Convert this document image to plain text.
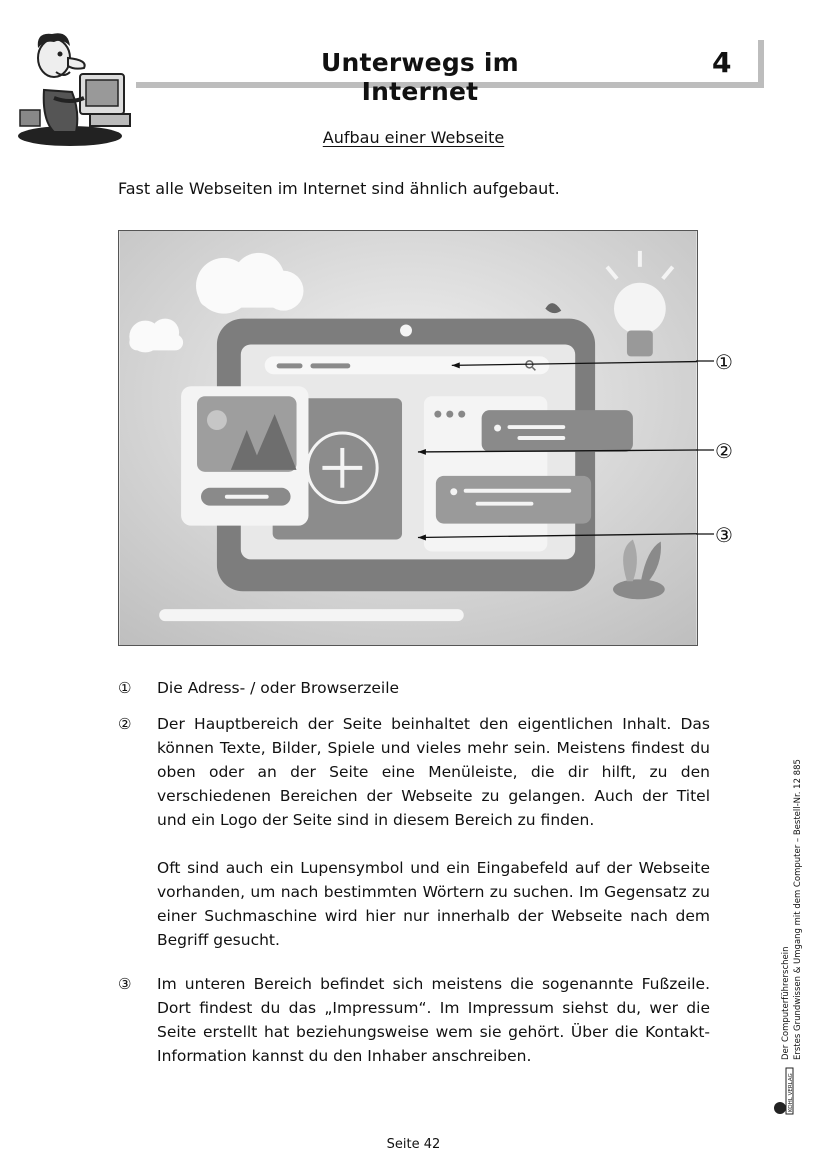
Unterwegs im Internet
4
Aufbau einer Webseite
Fast alle Webseiten im Internet sind ähnlich aufgebaut.
①
②
③
① Die Adress- / oder Browserzeile
② Der Hauptbereich der Seite beinhaltet den eigentlichen Inhalt. Das können Texte, Bilder, Spiele und vieles mehr sein. Meistens findest du oben oder an der Seite eine Menüleiste, die dir hilft, zu den verschiedenen Bereichen der Webseite zu gelangen. Auch der Titel und ein Logo der Seite sind in diesem Bereich zu finden.
Oft sind auch ein Lupensymbol und ein Eingabefeld auf der Webseite vorhanden, um nach bestimmten Wörtern zu suchen. Im Gegensatz zu einer Suchmaschine wird hier nur innerhalb der Webseite nach dem Begriff gesucht.
③ Im unteren Bereich befindet sich meistens die sogenannte Fußzeile. Dort findest du das „Impressum“. Im Impressum siehst du, wer die Seite erstellt hat beziehungsweise wem sie gehört. Über die Kontakt-Information kannst du den Inhaber anschreiben.
Seite 42
Der Computerführerschein Erstes Grundwissen & Umgang mit dem Computer – Bestell-Nr. 12 885
KOHL VERLAG
